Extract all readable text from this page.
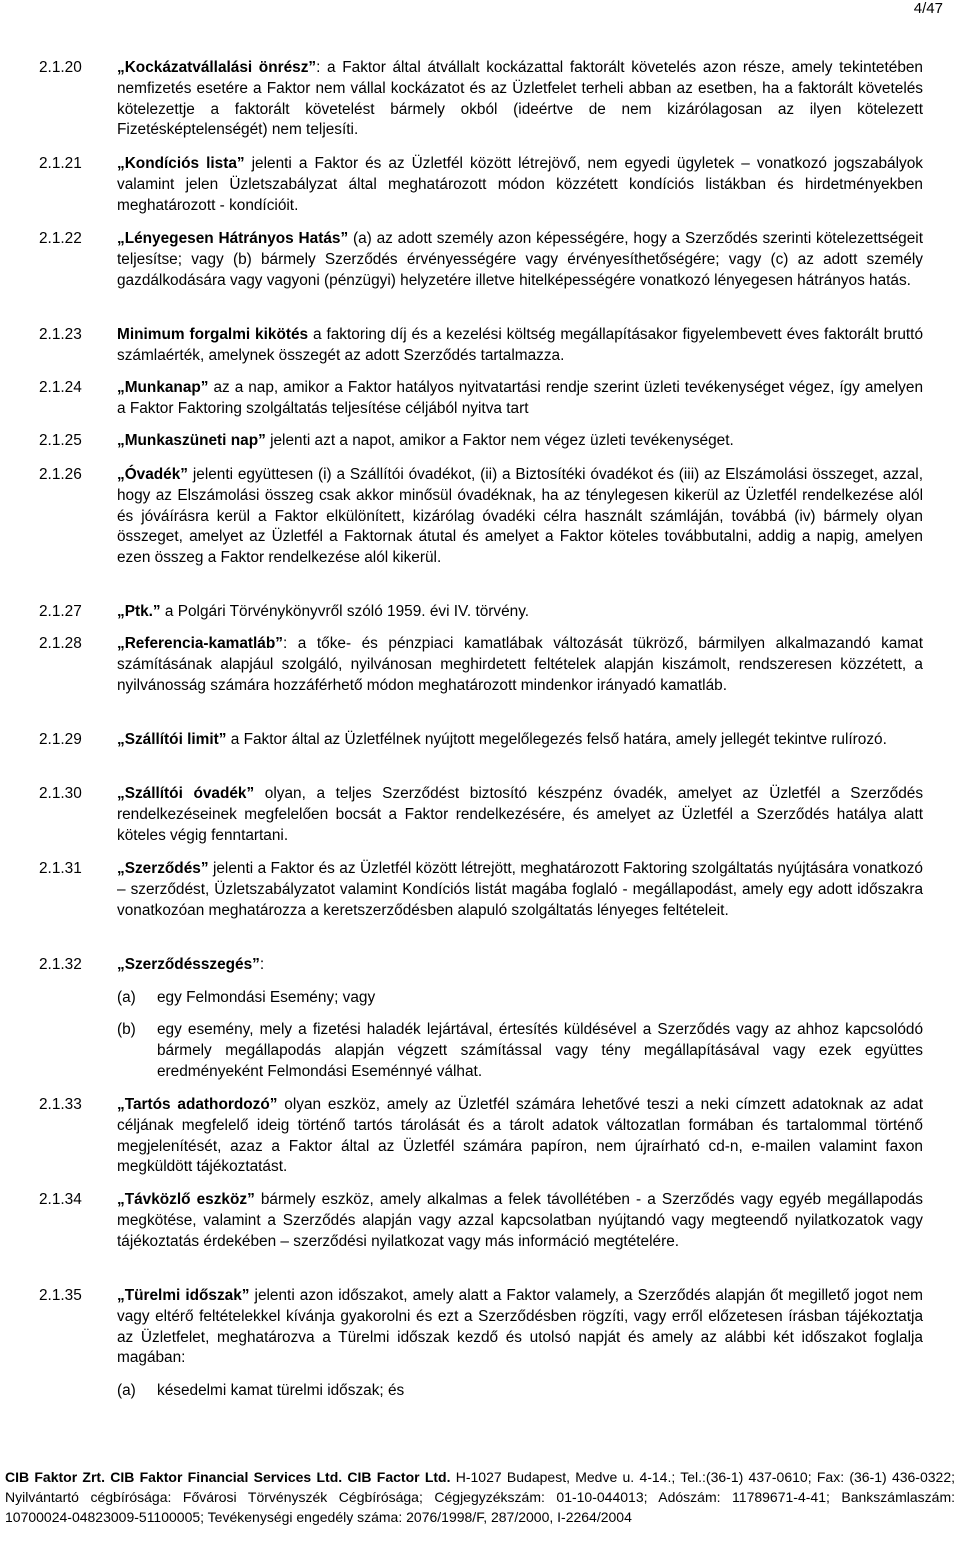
4/47
2.1.20 „Kockázatvállalási önrész”: a Faktor által átvállalt kockázattal faktorált követelés azon része, amely tekintetében nemfizetés esetére a Faktor nem vállal kockázatot és az Üzletfelet terheli abban az esetben, ha a faktorált követelés kötelezettje a faktorált követelést bármely okból (ideértve de nem kizárólagosan az ilyen kötelezett Fizetésképtelenségét) nem teljesíti.
2.1.21 „Kondíciós lista” jelenti a Faktor és az Üzletfél között létrejövő, nem egyedi ügyletek – vonatkozó jogszabályok valamint jelen Üzletszabályzat által meghatározott módon közzétett kondíciós listákban és hirdetményekben meghatározott - kondícióit.
2.1.22 „Lényegesen Hátrányos Hatás” (a) az adott személy azon képességére, hogy a Szerződés szerinti kötelezettségeit teljesítse; vagy (b) bármely Szerződés érvényességére vagy érvényesíthetőségére; vagy (c) az adott személy gazdálkodására vagy vagyoni (pénzügyi) helyzetére illetve hitelképességére vonatkozó lényegesen hátrányos hatás.
2.1.23 Minimum forgalmi kikötés a faktoring díj és a kezelési költség megállapításakor figyelembevett éves faktorált bruttó számlaérték, amelynek összegét az adott Szerződés tartalmazza.
2.1.24 „Munkanap” az a nap, amikor a Faktor hatályos nyitvatartási rendje szerint üzleti tevékenységet végez, így amelyen a Faktor Faktoring szolgáltatás teljesítése céljából nyitva tart
2.1.25 „Munkaszüneti nap” jelenti azt a napot, amikor a Faktor nem végez üzleti tevékenységet.
2.1.26 „Óvadék” jelenti együttesen (i) a Szállítói óvadékot, (ii) a Biztosítéki óvadékot és (iii) az Elszámolási összeget, azzal, hogy az Elszámolási összeg csak akkor minősül óvadéknak, ha az ténylegesen kikerül az Üzletfél rendelkezése alól és jóváírásra kerül a Faktor elkülönített, kizárólag óvadéki célra használt számláján, továbbá (iv) bármely olyan összeget, amelyet az Üzletfél a Faktornak átutal és amelyet a Faktor köteles továbbutalni, addig a napig, amelyen ezen összeg a Faktor rendelkezése alól kikerül.
2.1.27 „Ptk.” a Polgári Törvénykönyvről szóló 1959. évi IV. törvény.
2.1.28 „Referencia-kamatláb”: a tőke- és pénzpiaci kamatlábak változását tükröző, bármilyen alkalmazandó kamat számításának alapjául szolgáló, nyilvánosan meghirdetett feltételek alapján kiszámolt, rendszeresen közzétett, a nyilvánosság számára hozzáférhető módon meghatározott mindenkor irányadó kamatláb.
2.1.29 „Szállítói limit” a Faktor által az Üzletfélnek nyújtott megelőlegezés felső határa, amely jellegét tekintve rulírozó.
2.1.30 „Szállítói óvadék” olyan, a teljes Szerződést biztosító készpénz óvadék, amelyet az Üzletfél a Szerződés rendelkezéseinek megfelelően bocsát a Faktor rendelkezésére, és amelyet az Üzletfél a Szerződés hatálya alatt köteles végig fenntartani.
2.1.31 „Szerződés” jelenti a Faktor és az Üzletfél között létrejött, meghatározott Faktoring szolgáltatás nyújtására vonatkozó – szerződést, Üzletszabályzatot valamint Kondíciós listát magába foglaló - megállapodást, amely egy adott időszakra vonatkozóan meghatározza a keretszerződésben alapuló szolgáltatás lényeges feltételeit.
2.1.32 „Szerződésszegés”:
(a) egy Felmondási Esemény; vagy
(b) egy esemény, mely a fizetési haladék lejártával, értesítés küldésével a Szerződés vagy az ahhoz kapcsolódó bármely megállapodás alapján végzett számítással vagy tény megállapításával vagy ezek együttes eredményeként Felmondási Eseménnyé válhat.
2.1.33 „Tartós adathordozó” olyan eszköz, amely az Üzletfél számára lehetővé teszi a neki címzett adatoknak az adat céljának megfelelő ideig történő tartós tárolását és a tárolt adatok változatlan formában és tartalommal történő megjelenítését, azaz a Faktor által az Üzletfél számára papíron, nem újraírható cd-n, e-mailen valamint faxon megküldött tájékoztatást.
2.1.34 „Távközlő eszköz” bármely eszköz, amely alkalmas a felek távollétében - a Szerződés vagy egyéb megállapodás megkötése, valamint a Szerződés alapján vagy azzal kapcsolatban nyújtandó vagy megteendő nyilatkozatok vagy tájékoztatás érdekében – szerződési nyilatkozat vagy más információ megtételére.
2.1.35 „Türelmi időszak” jelenti azon időszakot, amely alatt a Faktor valamely, a Szerződés alapján őt megillető jogot nem vagy eltérő feltételekkel kívánja gyakorolni és ezt a Szerződésben rögzíti, vagy erről előzetesen írásban tájékoztatja az Üzletfelet, meghatározva a Türelmi időszak kezdő és utolsó napját és amely az alábbi két időszakot foglalja magában:
(a) késedelmi kamat türelmi időszak; és
CIB Faktor Zrt. CIB Faktor Financial Services Ltd. CIB Factor Ltd. H-1027 Budapest, Medve u. 4-14.; Tel.:(36-1) 437-0610; Fax: (36-1) 436-0322; Nyilvántartó cégbírósága: Fővárosi Törvényszék Cégbírósága; Cégjegyzékszám: 01-10-044013; Adószám: 11789671-4-41; Bankszámlaszám: 10700024-04823009-51100005; Tevékenységi engedély száma: 2076/1998/F, 287/2000, I-2264/2004
